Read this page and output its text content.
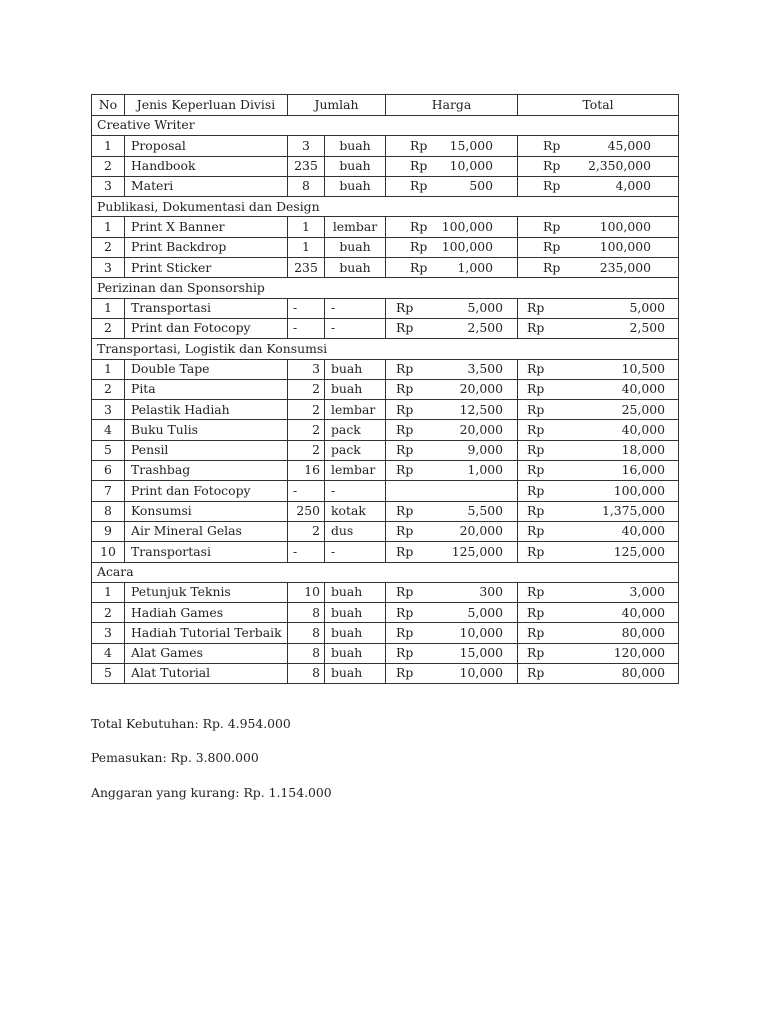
No	Jenis Keperluan Divisi	Jumlah		Harga	Total
Creative Writer					
1	Proposal	3	buah	Rp 15,000	Rp 45,000

2	Handbook	235	buah	Rp 10,000	Rp 2,350,000

3	Materi	8	buah	Rp 500	Rp 4,000

Publikasi, Dokumentasi dan Design					
1	Print X Banner	1	lembar	Rp 100,000	Rp 100,000

2	Print Backdrop	1	buah	Rp 100,000	Rp 100,000

3	Print Sticker	235	buah	Rp 1,000	Rp 235,000

Perizinan dan Sponsorship					
1	Transportasi	-	-	Rp 5,000	Rp 5,000

2	Print dan Fotocopy	-	-	Rp 2,500	Rp 2,500

Transportasi, Logistik dan Konsumsi					
1	Double Tape	3	buah	Rp 3,500	Rp 10,500

2	Pita	2	buah	Rp 20,000	Rp 40,000

3	Pelastik Hadiah	2	lembar	Rp 12,500	Rp 25,000

4	Buku Tulis	2	pack	Rp 20,000	Rp 40,000

5	Pensil	2	pack	Rp 9,000	Rp 18,000

6	Trashbag	16	lembar	Rp 1,000	Rp 16,000

7	Print dan Fotocopy	-	-		Rp 100,000

8	Konsumsi	250	kotak	Rp 5,500	Rp 1,375,000

9	Air Mineral Gelas	2	dus	Rp 20,000	Rp 40,000

10	Transportasi	-	-	Rp 125,000	Rp 125,000

Acara					
1	Petunjuk Teknis	10	buah	Rp 300	Rp 3,000

2	Hadiah Games	8	buah	Rp 5,000	Rp 40,000

3	Hadiah Tutorial Terbaik	8	buah	Rp 10,000	Rp 80,000

4	Alat Games	8	buah	Rp 15,000	Rp 120,000

5	Alat Tutorial	8	buah	Rp 10,000	Rp 80,000
Total Kebutuhan: Rp. 4.954.000
Pemasukan: Rp. 3.800.000
Anggaran yang kurang: Rp. 1.154.000
